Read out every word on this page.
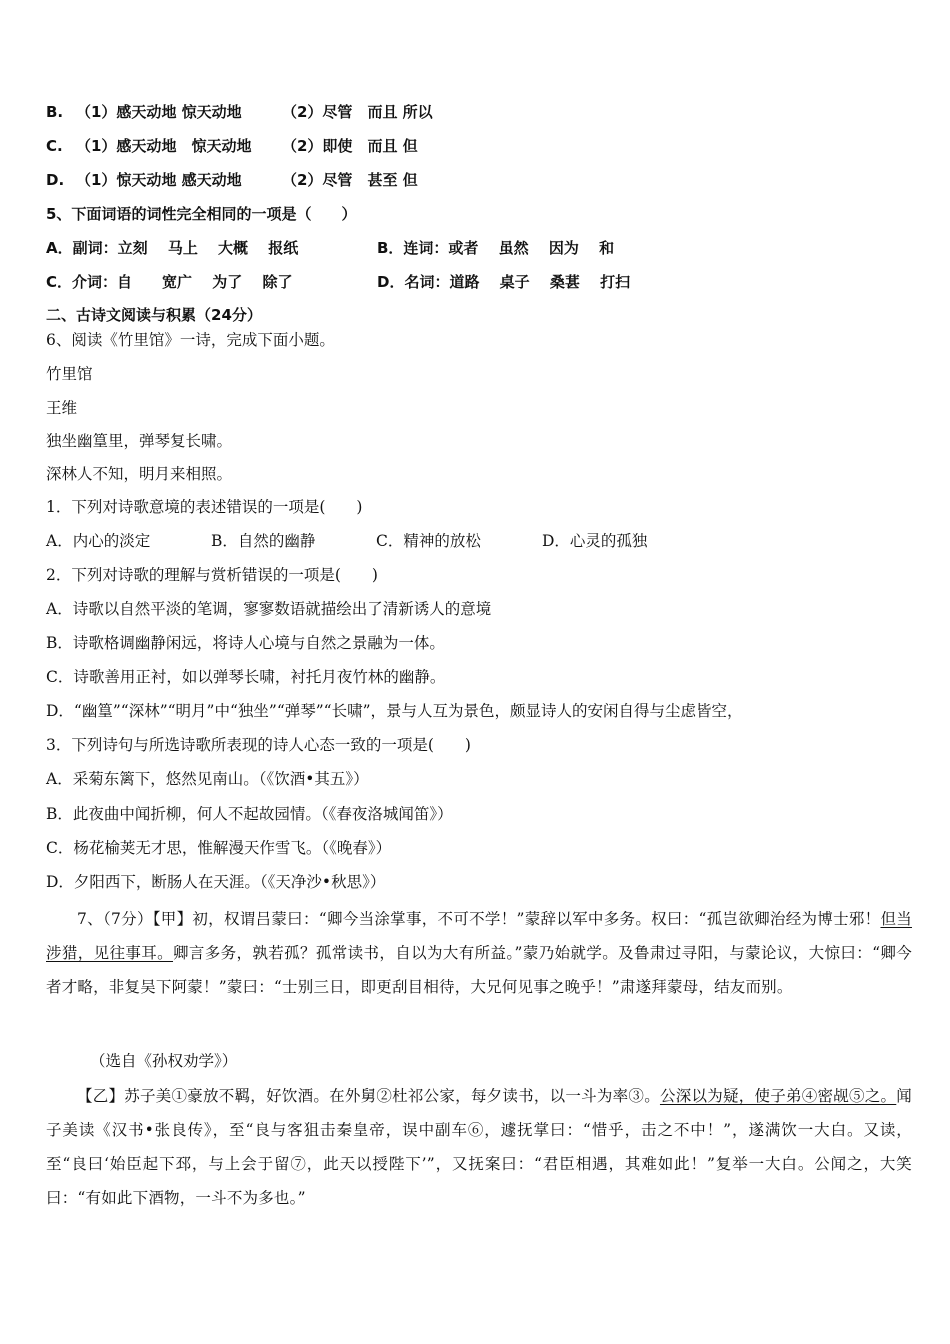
B. （1）感天动地 惊天动地	（2）尽管　而且 所以
C. （1）感天动地　惊天动地 （2）即使　而且 但
D. （1）惊天动地 感天动地	（2）尽管　甚至 但
5、下面词语的词性完全相同的一项是（　　）
A．副词：立刻　 马上　 大概　 报纸	B．连词：或者　 虽然　 因为　 和
C．介词：自　　宽广　 为了　 除了	D．名词：道路　 桌子　 桑葚　 打扫
二、古诗文阅读与积累（24分）
6、阅读《竹里馆》一诗，完成下面小题。
竹里馆
王维
独坐幽篁里，弹琴复长啸。
深林人不知，明月来相照。
1．下列对诗歌意境的表述错误的一项是(　　)
A．内心的淡定	B．自然的幽静	C．精神的放松	D．心灵的孤独
2．下列对诗歌的理解与赏析错误的一项是(　　)
A．诗歌以自然平淡的笔调，寥寥数语就描绘出了清新诱人的意境
B．诗歌格调幽静闲远，将诗人心境与自然之景融为一体。
C．诗歌善用正衬，如以弹琴长啸，衬托月夜竹林的幽静。
D．“幽篁”“深林”“明月”中“独坐”“弹琴”“长啸”，景与人互为景色，颇显诗人的安闲自得与尘虑皆空，
3．下列诗句与所选诗歌所表现的诗人心态一致的一项是(　　)
A．采菊东篱下，悠然见南山。（《饮酒•其五》）
B．此夜曲中闻折柳，何人不起故园情。（《春夜洛城闻笛》）
C．杨花榆荚无才思，惟解漫天作雪飞。（《晚春》）
D．夕阳西下，断肠人在天涯。（《天净沙•秋思》）
7、（7分）【甲】初，权谓吕蒙曰：“卿今当涂掌事，不可不学！”蒙辞以军中多务。权曰：“孤岂欲卿治经为博士邪！但当涉猎，见往事耳。卿言多务，孰若孤？孤常读书，自以为大有所益。”蒙乃始就学。及鲁肃过寻阳，与蒙论议，大惊曰：“卿今者才略，非复吴下阿蒙！”蒙曰：“士别三日，即更刮目相待，大兄何见事之晚乎！”肃遂拜蒙母，结友而别。
（选自《孙权劝学》）
【乙】苏子美①豪放不羁，好饮酒。在外舅②杜祁公家，每夕读书，以一斗为率③。公深以为疑，使子弟④密觇⑤之。闻子美读《汉书•张良传》，至“良与客狙击秦皇帝，误中副车⑥，遽抚掌曰：“惜乎，击之不中！”，遂满饮一大白。又读，至“良曰‘始臣起下邳，与上会于留⑦，此天以授陛下’”，又抚案曰：“君臣相遇，其难如此！”复举一大白。公闻之，大笑曰：“有如此下酒物，一斗不为多也。”
